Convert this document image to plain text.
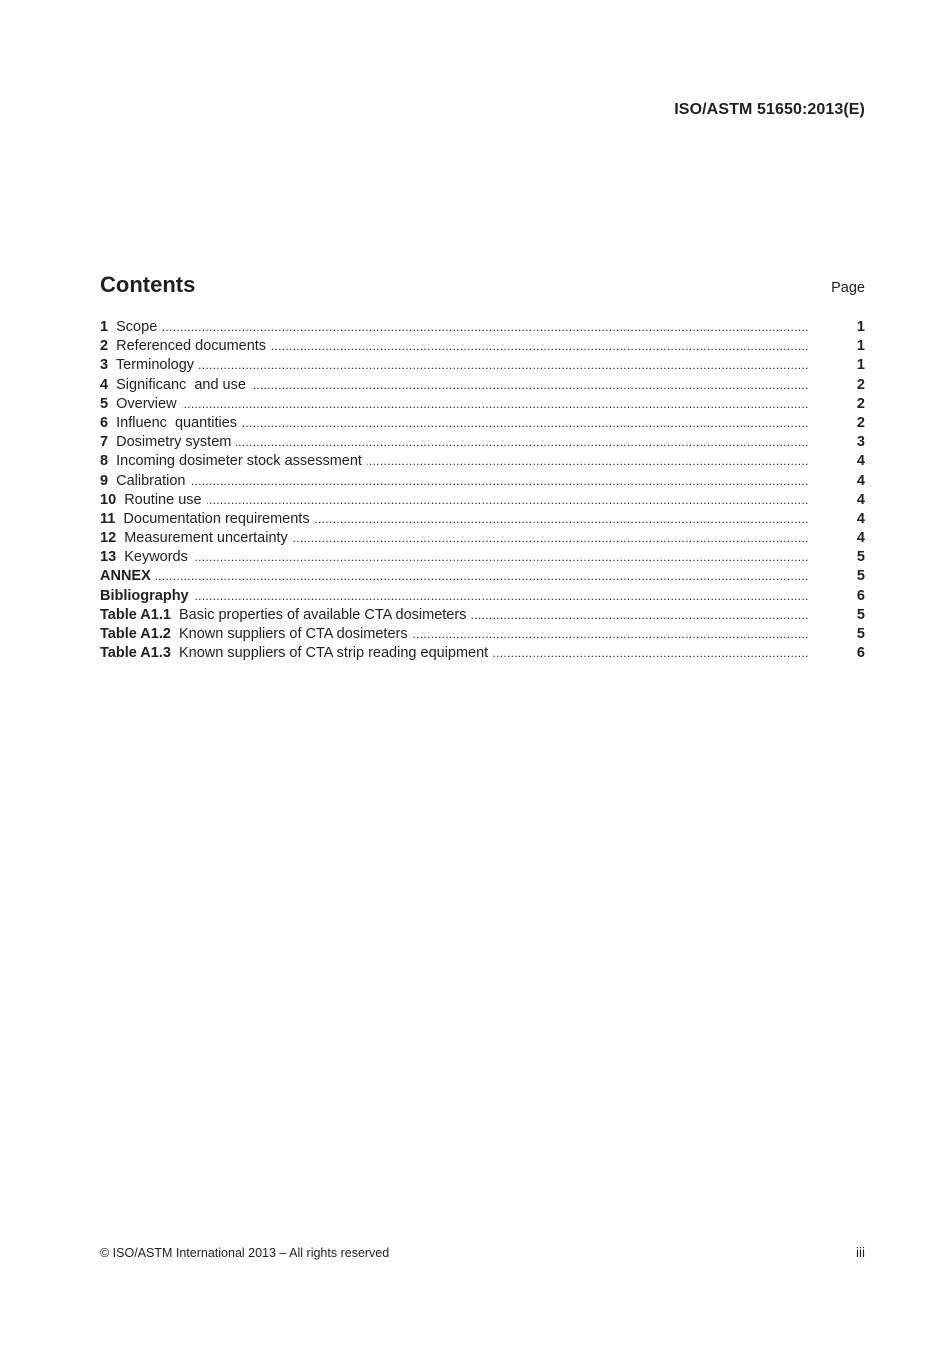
ISO/ASTM 51650:2013(E)
Contents	Page
.....
1 Scope	1
.....
2 Referenced documents	1
.....
3 Terminology	1
.....
4 Significanc  and use	2
.....
5 Overview	2
.....
6 Influenc  quantities	2
.....
7 Dosimetry system	3
.....
8 Incoming dosimeter stock assessment	4
.....
9 Calibration	4
.....
10 Routine use	4
.....
11 Documentation requirements	4
.....
12 Measurement uncertainty	4
.....
13 Keywords	5
.....
ANNEX	5
.....
Bibliography	6
.....
Table A1.1 Basic properties of available CTA dosimeters	5
.....
Table A1.2 Known suppliers of CTA dosimeters	5
.....
Table A1.3 Known suppliers of CTA strip reading equipment	6
© ISO/ASTM International 2013 – All rights reserved	iii
